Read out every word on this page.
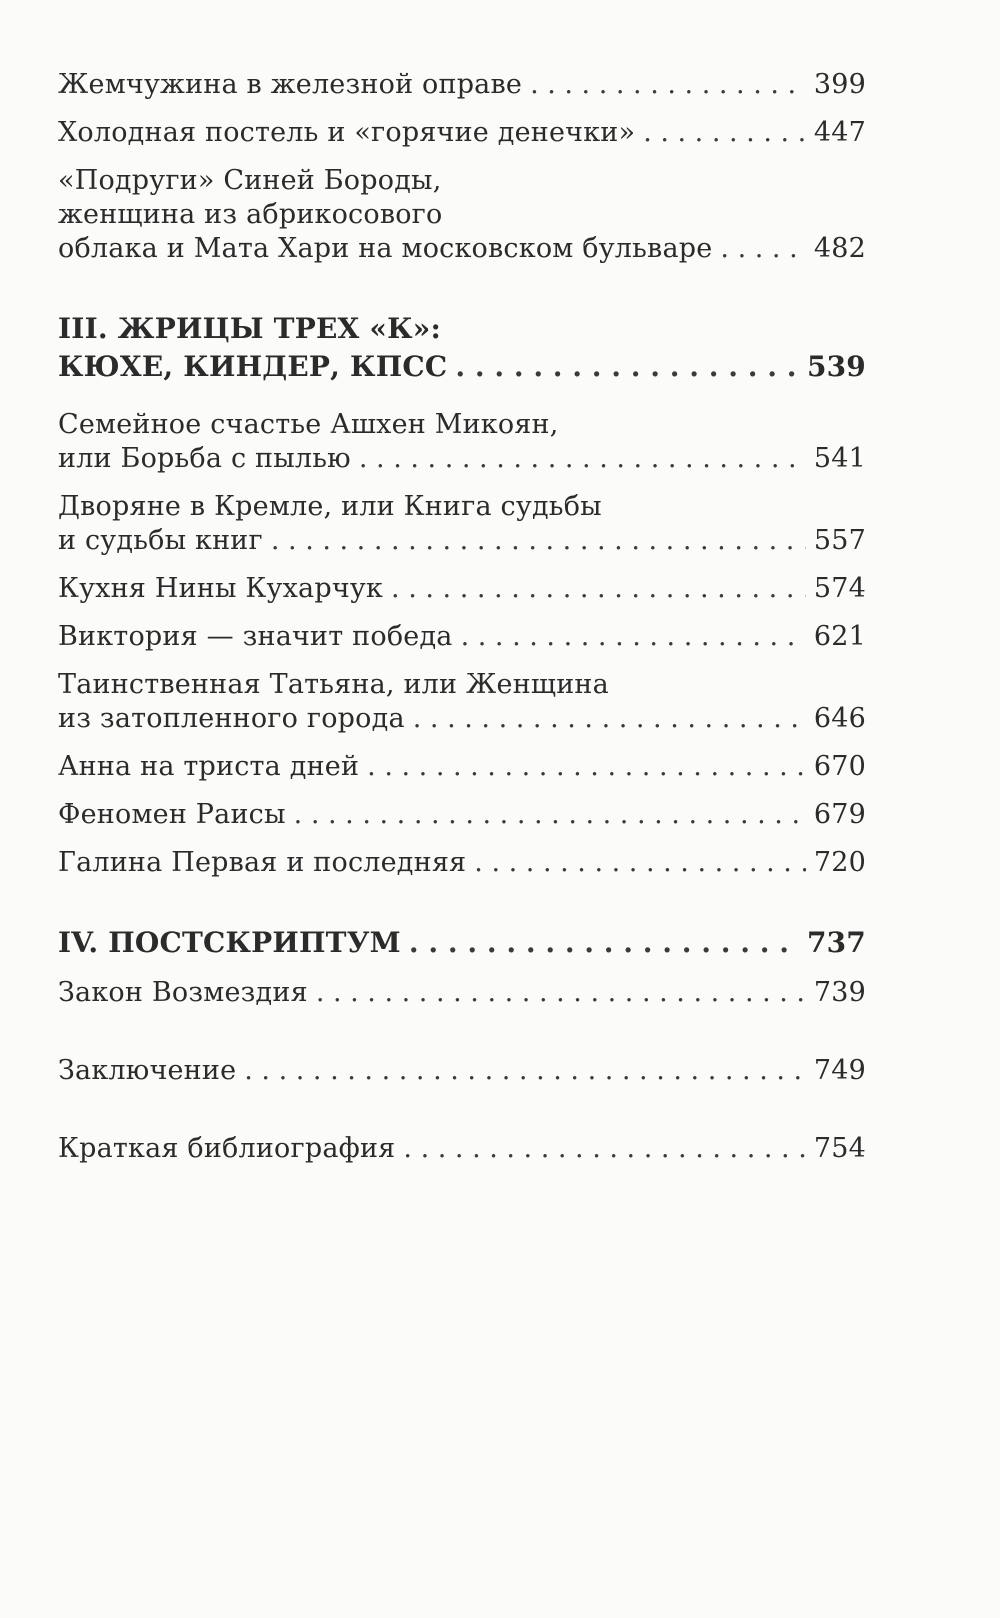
Жемчужина в железной оправе . . .	399
Холодная постель и «горячие денечки» . . .	447
«Подруги» Синей Бороды,
женщина из абрикосового
облака и Мата Хари на московском бульваре . . .	482
III. ЖРИЦЫ ТРЕХ «К»:
КЮХЕ, КИНДЕР, КПСС . . .	539
Семейное счастье Ашхен Микоян,
или Борьба с пылью . . .	541
Дворяне в Кремле, или Книга судьбы
и судьбы книг . . .	557
Кухня Нины Кухарчук . . .	574
Виктория — значит победа . . .	621
Таинственная Татьяна, или Женщина
из затопленного города . . .	646
Анна на триста дней . . .	670
Феномен Раисы . . .	679
Галина Первая и последняя . . .	720
IV. ПОСТСКРИПТУМ . . .	737
Закон Возмездия . . .	739
Заключение . . .	749
Краткая библиография . . .	754
